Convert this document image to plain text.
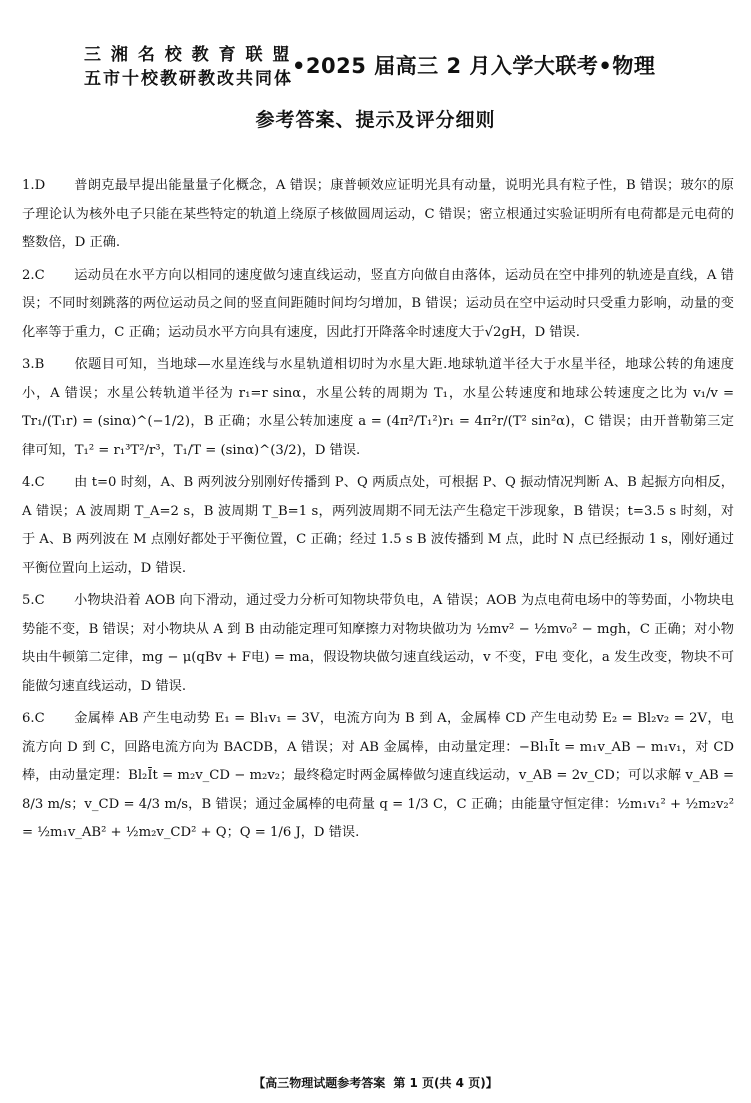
三 湘 名 校 教 育 联 盟
五市十校教研教改共同体
•2025 届高三 2 月入学大联考•物理
参考答案、提示及评分细则
1.D 普朗克最早提出能量量子化概念，A 错误；康普顿效应证明光具有动量，说明光具有粒子性，B 错误；玻尔的原子理论认为核外电子只能在某些特定的轨道上绕原子核做圆周运动，C 错误；密立根通过实验证明所有电荷都是元电荷的整数倍，D 正确.
2.C 运动员在水平方向以相同的速度做匀速直线运动，竖直方向做自由落体，运动员在空中排列的轨迹是直线，A 错误；不同时刻跳落的两位运动员之间的竖直间距随时间均匀增加，B 错误；运动员在空中运动时只受重力影响，动量的变化率等于重力，C 正确；运动员水平方向具有速度，因此打开降落伞时速度大于√2gH，D 错误.
3.B 依题目可知，当地球—水星连线与水星轨道相切时为水星大距.地球轨道半径大于水星半径，地球公转的角速度小，A 错误；水星公转轨道半径为 r₁=r sinα，水星公转的周期为 T₁，水星公转速度和地球公转速度之比为 v₁/v = Tr₁/(T₁r) = (sinα)^(−1/2)，B 正确；水星公转加速度 a = (4π²/T₁²)r₁ = 4π²r/(T² sin²α)，C 错误；由开普勒第三定律可知，T₁² = r₁³T²/r³，T₁/T = (sinα)^(3/2)，D 错误.
4.C 由 t=0 时刻，A、B 两列波分别刚好传播到 P、Q 两质点处，可根据 P、Q 振动情况判断 A、B 起振方向相反，A 错误；A 波周期 T_A=2 s，B 波周期 T_B=1 s，两列波周期不同无法产生稳定干涉现象，B 错误；t=3.5 s 时刻，对于 A、B 两列波在 M 点刚好都处于平衡位置，C 正确；经过 1.5 s B 波传播到 M 点，此时 N 点已经振动 1 s，刚好通过平衡位置向上运动，D 错误.
5.C 小物块沿着 AOB 向下滑动，通过受力分析可知物块带负电，A 错误；AOB 为点电荷电场中的等势面，小物块电势能不变，B 错误；对小物块从 A 到 B 由动能定理可知摩擦力对物块做功为 ½mv² − ½mv₀² − mgh，C 正确；对小物块由牛顿第二定律，mg − μ(qBv + F电) = ma，假设物块做匀速直线运动，v 不变，F电 变化，a 发生改变，物块不可能做匀速直线运动，D 错误.
6.C 金属棒 AB 产生电动势 E₁ = Bl₁v₁ = 3V，电流方向为 B 到 A，金属棒 CD 产生电动势 E₂ = Bl₂v₂ = 2V，电流方向 D 到 C，回路电流方向为 BACDB，A 错误；对 AB 金属棒，由动量定理：−Bl₁Īt = m₁v_AB − m₁v₁，对 CD 棒，由动量定理：Bl₂Īt = m₂v_CD − m₂v₂；最终稳定时两金属棒做匀速直线运动，v_AB = 2v_CD；可以求解 v_AB = 8/3 m/s；v_CD = 4/3 m/s，B 错误；通过金属棒的电荷量 q = 1/3 C，C 正确；由能量守恒定律：½m₁v₁² + ½m₂v₂² = ½m₁v_AB² + ½m₂v_CD² + Q；Q = 1/6 J，D 错误.
【高三物理试题参考答案 第 1 页(共 4 页)】
